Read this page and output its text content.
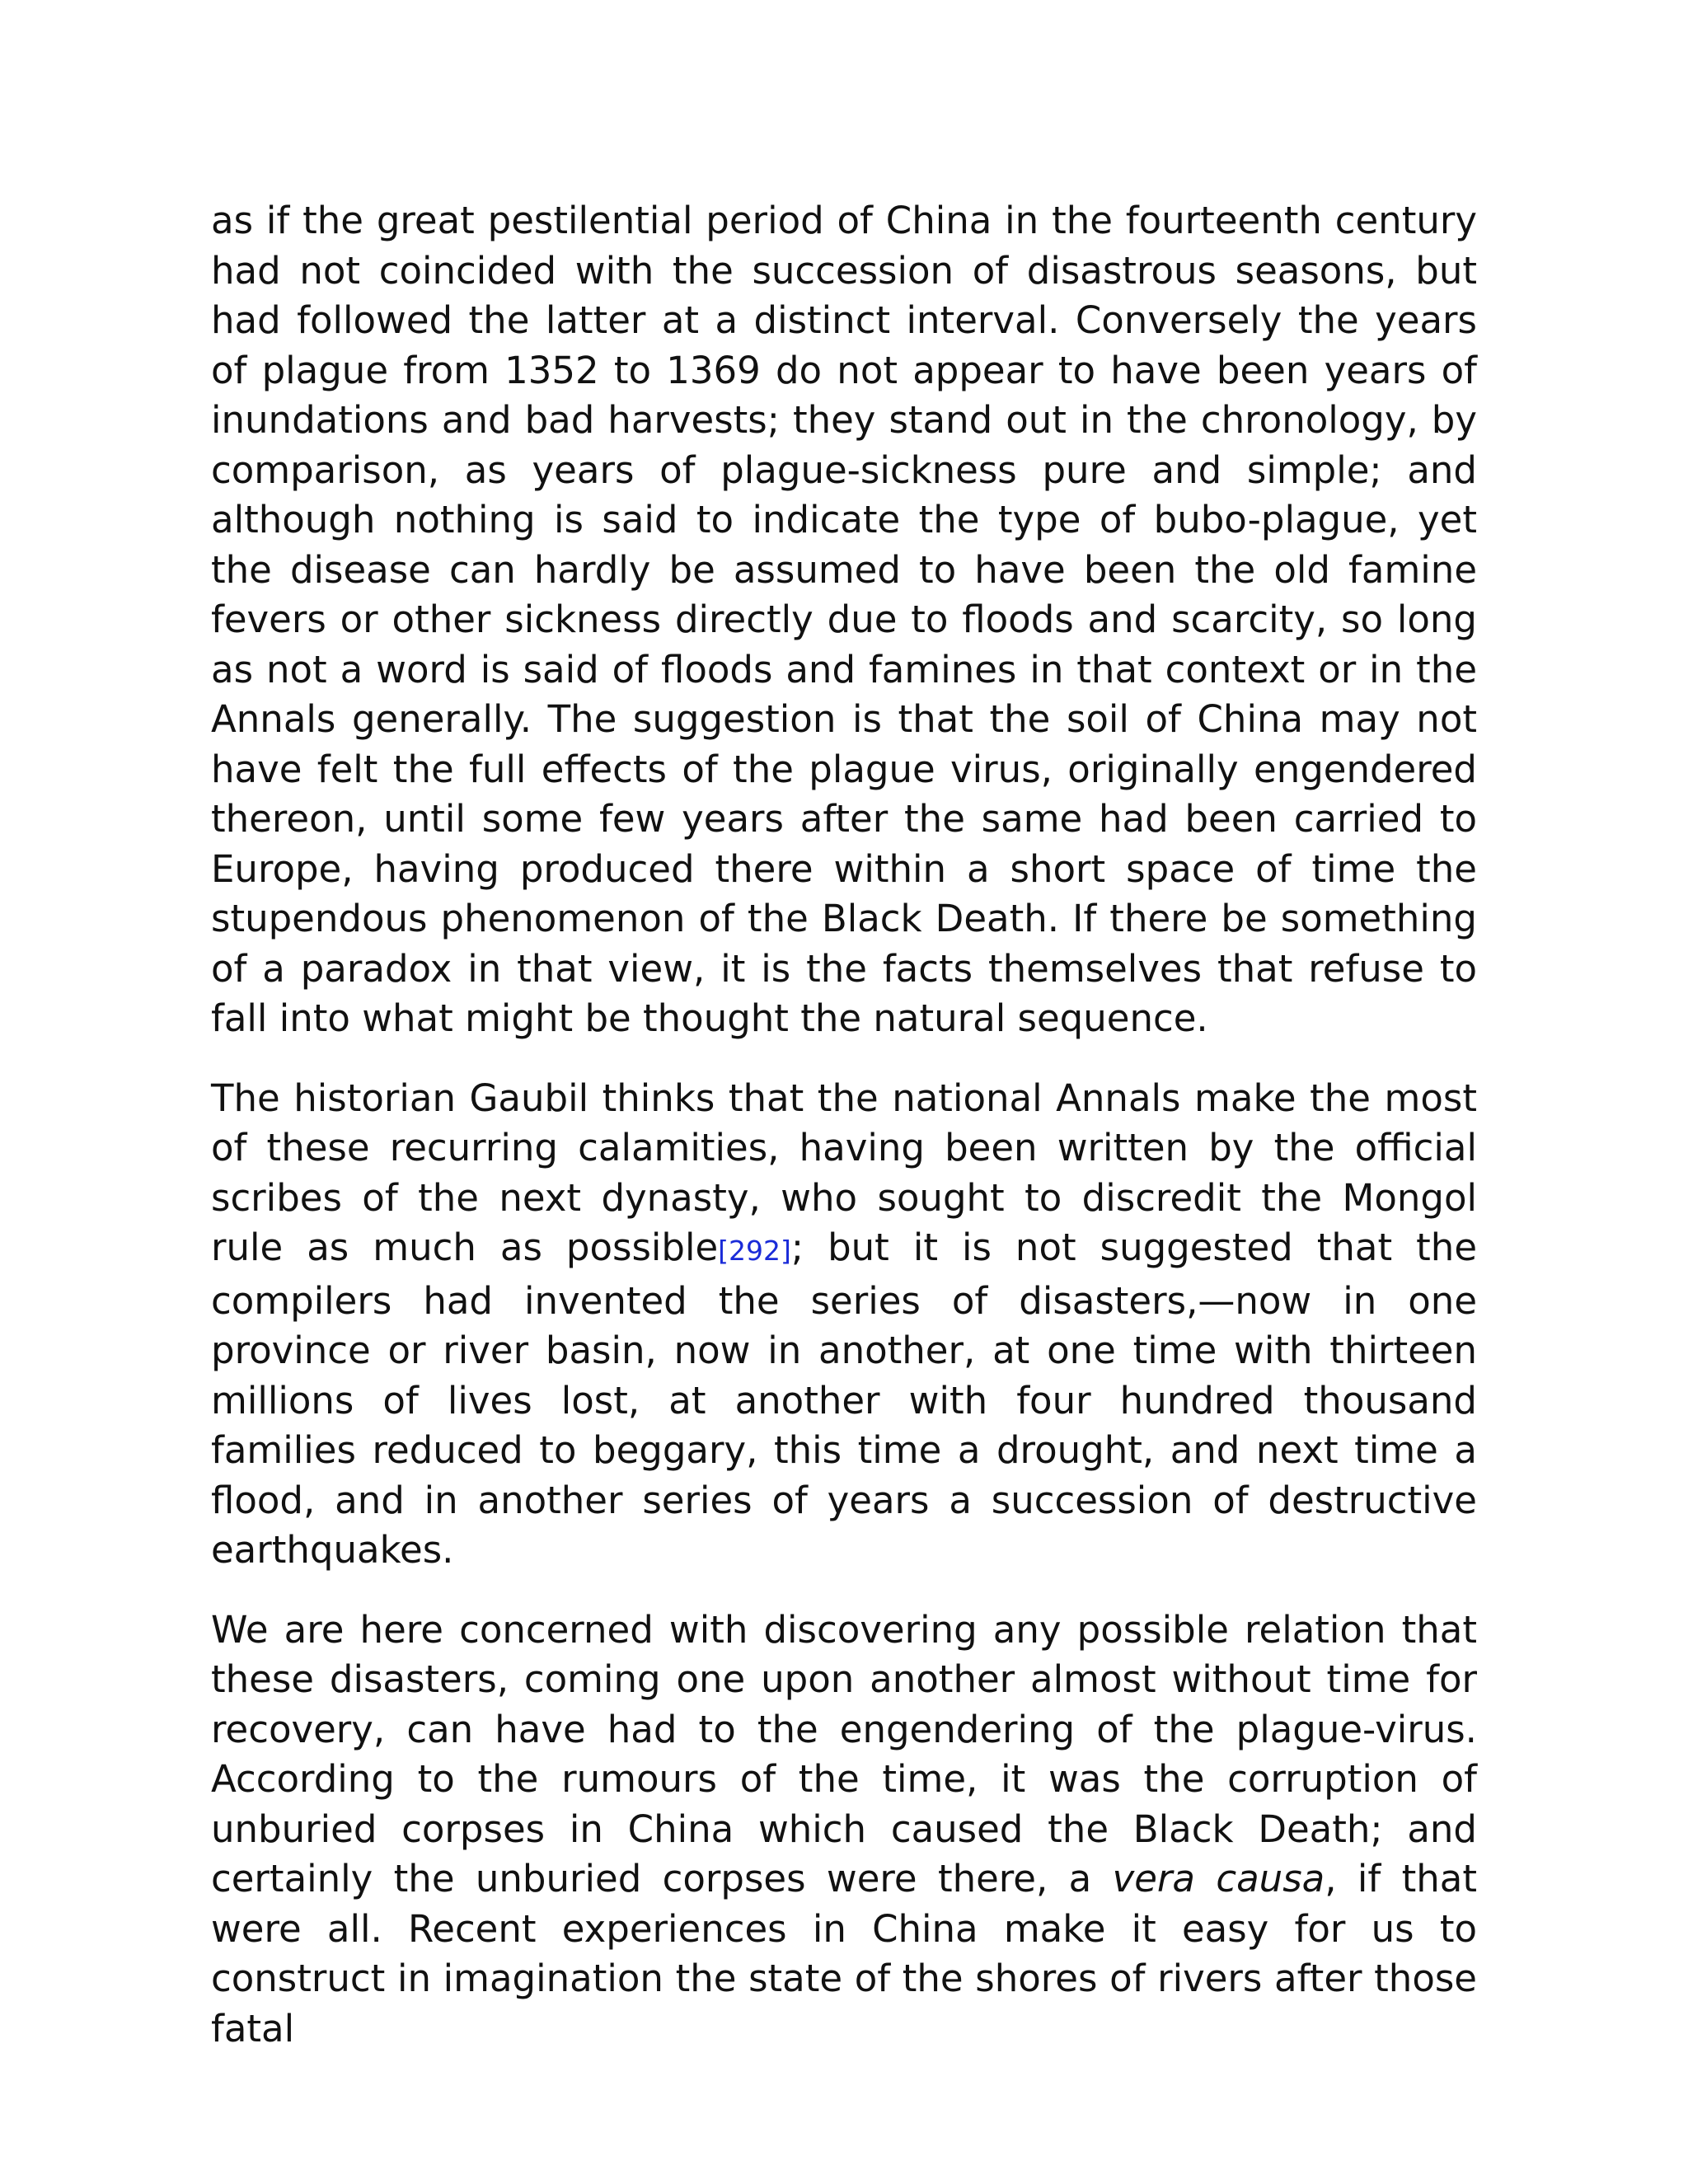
as if the great pestilential period of China in the fourteenth century had not coincided with the succession of disastrous seasons, but had followed the latter at a distinct interval. Conversely the years of plague from 1352 to 1369 do not appear to have been years of inundations and bad harvests; they stand out in the chronology, by comparison, as years of plague-sickness pure and simple; and although nothing is said to indicate the type of bubo-plague, yet the disease can hardly be assumed to have been the old famine fevers or other sickness directly due to floods and scarcity, so long as not a word is said of floods and famines in that context or in the Annals generally. The suggestion is that the soil of China may not have felt the full effects of the plague virus, originally engendered thereon, until some few years after the same had been carried to Europe, having produced there within a short space of time the stupendous phenomenon of the Black Death. If there be something of a paradox in that view, it is the facts themselves that refuse to fall into what might be thought the natural sequence.

The historian Gaubil thinks that the national Annals make the most of these recurring calamities, having been written by the official scribes of the next dynasty, who sought to discredit the Mongol rule as much as possible[292]; but it is not suggested that the compilers had invented the series of disasters,—now in one province or river basin, now in another, at one time with thirteen millions of lives lost, at another with four hundred thousand families reduced to beggary, this time a drought, and next time a flood, and in another series of years a succession of destructive earthquakes.

We are here concerned with discovering any possible relation that these disasters, coming one upon another almost without time for recovery, can have had to the engendering of the plague-virus. According to the rumours of the time, it was the corruption of unburied corpses in China which caused the Black Death; and certainly the unburied corpses were there, a vera causa, if that were all. Recent experiences in China make it easy for us to construct in imagination the state of the shores of rivers after those fatal
